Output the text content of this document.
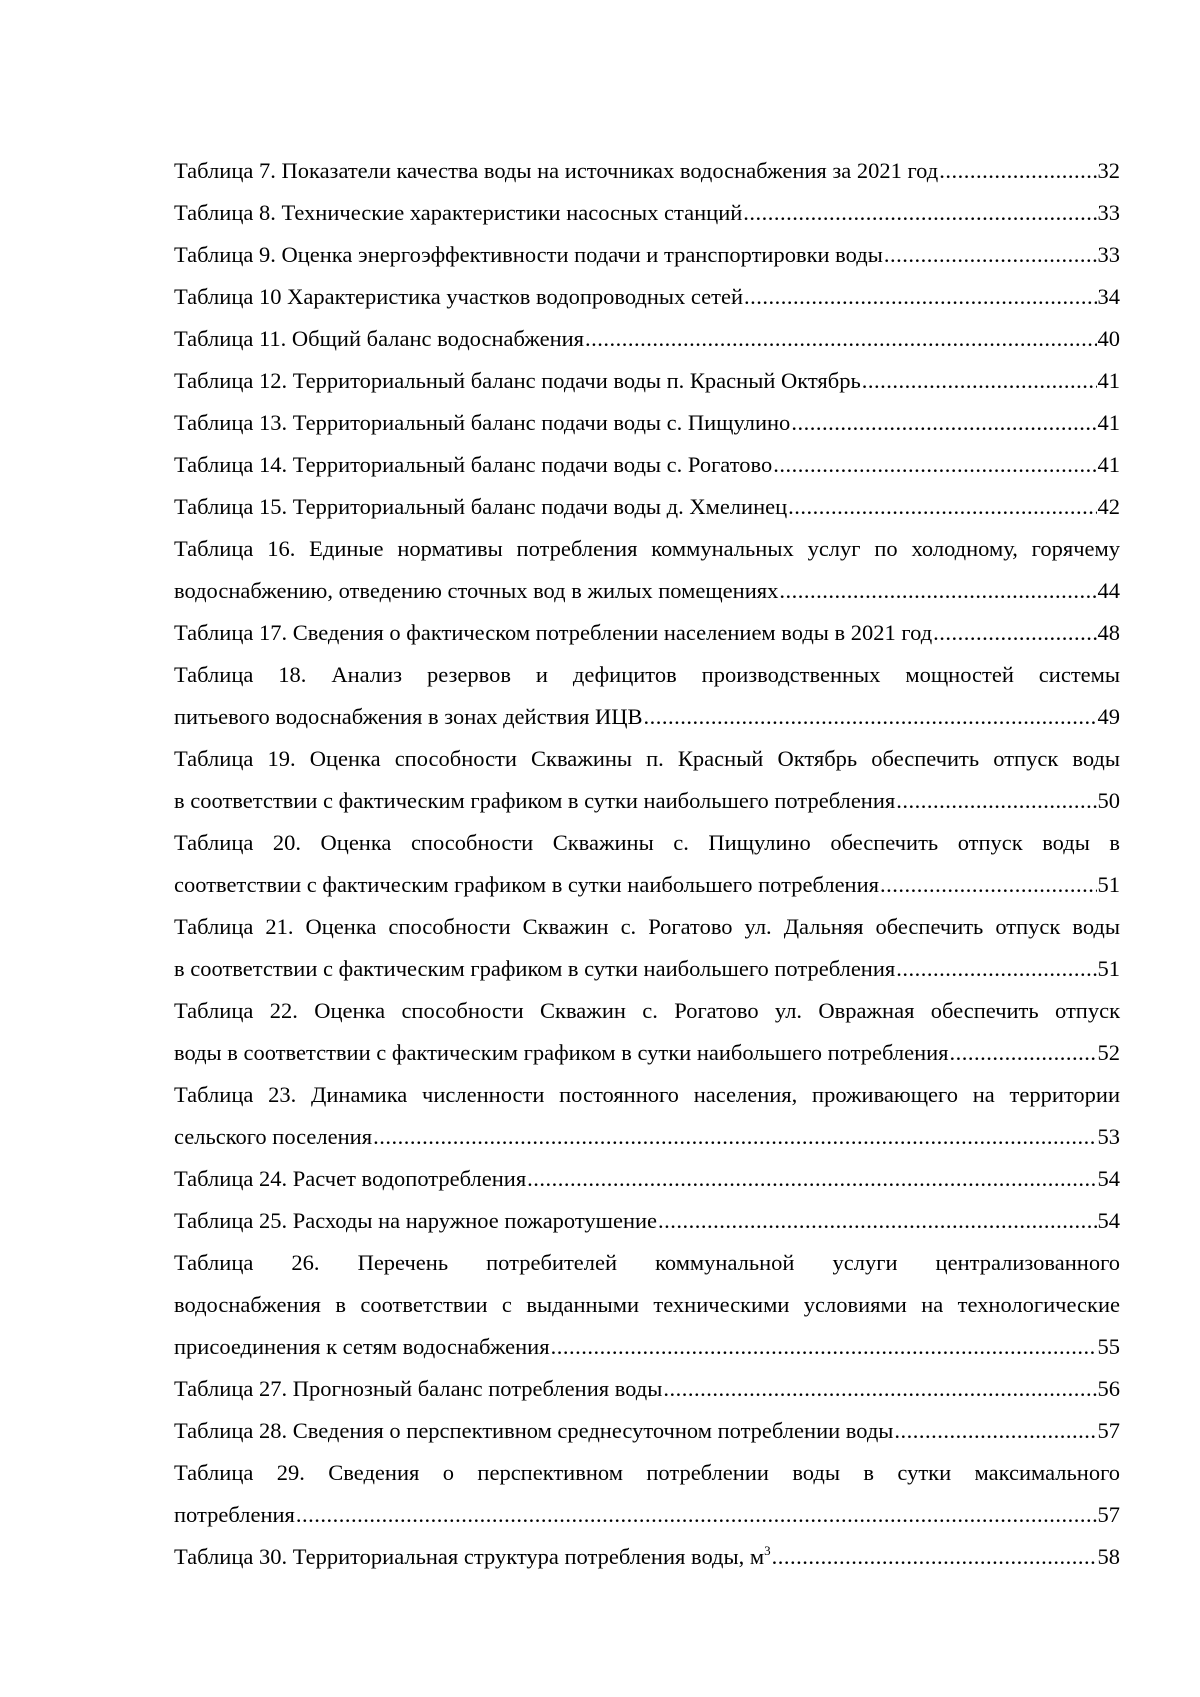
Таблица 7. Показатели качества воды на источниках водоснабжения за 2021 год .....	32
Таблица 8. Технические характеристики насосных станций .....	33
Таблица 9. Оценка энергоэффективности подачи и транспортировки воды .....	33
Таблица 10 Характеристика участков водопроводных сетей .....	34
Таблица 11. Общий баланс водоснабжения .....	40
Таблица 12. Территориальный баланс подачи воды п. Красный Октябрь .....	41
Таблица 13. Территориальный баланс подачи воды с. Пищулино .....	41
Таблица 14. Территориальный баланс подачи воды с. Рогатово .....	41
Таблица 15. Территориальный баланс подачи воды д. Хмелинец .....	42
Таблица 16. Единые нормативы потребления коммунальных услуг по холодному, горячему
водоснабжению, отведению сточных вод в жилых помещениях .....	44
Таблица 17. Сведения о фактическом потреблении населением воды в 2021 год .....	48
Таблица 18. Анализ резервов и дефицитов производственных мощностей системы
питьевого водоснабжения в зонах действия ИЦВ .....	49
Таблица 19. Оценка способности Скважины п. Красный Октябрь обеспечить отпуск воды
в соответствии с фактическим графиком в сутки наибольшего потребления .....	50
Таблица 20. Оценка способности Скважины с. Пищулино обеспечить отпуск воды в
соответствии с фактическим графиком в сутки наибольшего потребления .....	51
Таблица 21. Оценка способности Скважин с. Рогатово ул. Дальняя обеспечить отпуск воды
в соответствии с фактическим графиком в сутки наибольшего потребления .....	51
Таблица 22. Оценка способности Скважин с. Рогатово ул. Овражная обеспечить отпуск
воды в соответствии с фактическим графиком в сутки наибольшего потребления .....	52
Таблица 23. Динамика численности постоянного населения, проживающего на территории
сельского поселения .....	53
Таблица 24. Расчет водопотребления .....	54
Таблица 25. Расходы на наружное пожаротушение .....	54
Таблица 26. Перечень потребителей коммунальной услуги централизованного
водоснабжения в соответствии с выданными техническими условиями на технологические
присоединения к сетям водоснабжения .....	55
Таблица 27. Прогнозный баланс потребления воды .....	56
Таблица 28. Сведения о перспективном среднесуточном потреблении воды .....	57
Таблица 29. Сведения о перспективном потреблении воды в сутки максимального
потребления .....	57
Таблица 30. Территориальная структура потребления воды, $м^3$ .....	58
